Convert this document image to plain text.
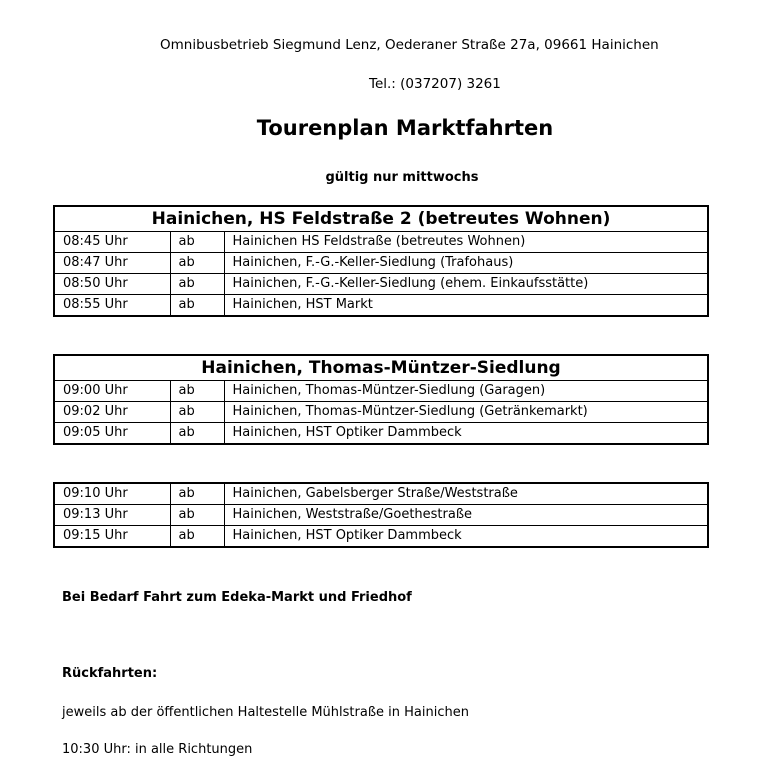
Omnibusbetrieb Siegmund Lenz, Oederaner Straße 27a, 09661 Hainichen
Tel.: (037207) 3261
Tourenplan Marktfahrten
gültig nur mittwochs
Hainichen, HS Feldstraße 2 (betreutes Wohnen)		
08:45 Uhr	ab	Hainichen HS Feldstraße (betreutes Wohnen)
08:47 Uhr	ab	Hainichen, F.-G.-Keller-Siedlung (Trafohaus)
08:50 Uhr	ab	Hainichen, F.-G.-Keller-Siedlung (ehem. Einkaufsstätte)
08:55 Uhr	ab	Hainichen, HST Markt
Hainichen, Thomas-Müntzer-Siedlung		
09:00 Uhr	ab	Hainichen, Thomas-Müntzer-Siedlung (Garagen)
09:02 Uhr	ab	Hainichen, Thomas-Müntzer-Siedlung (Getränkemarkt)
09:05 Uhr	ab	Hainichen, HST Optiker Dammbeck
09:10 Uhr	ab	Hainichen, Gabelsberger Straße/Weststraße
09:13 Uhr	ab	Hainichen, Weststraße/Goethestraße
09:15 Uhr	ab	Hainichen, HST Optiker Dammbeck
Bei Bedarf Fahrt zum Edeka-Markt und Friedhof
Rückfahrten:
jeweils ab der öffentlichen Haltestelle Mühlstraße in Hainichen
10:30 Uhr: in alle Richtungen
